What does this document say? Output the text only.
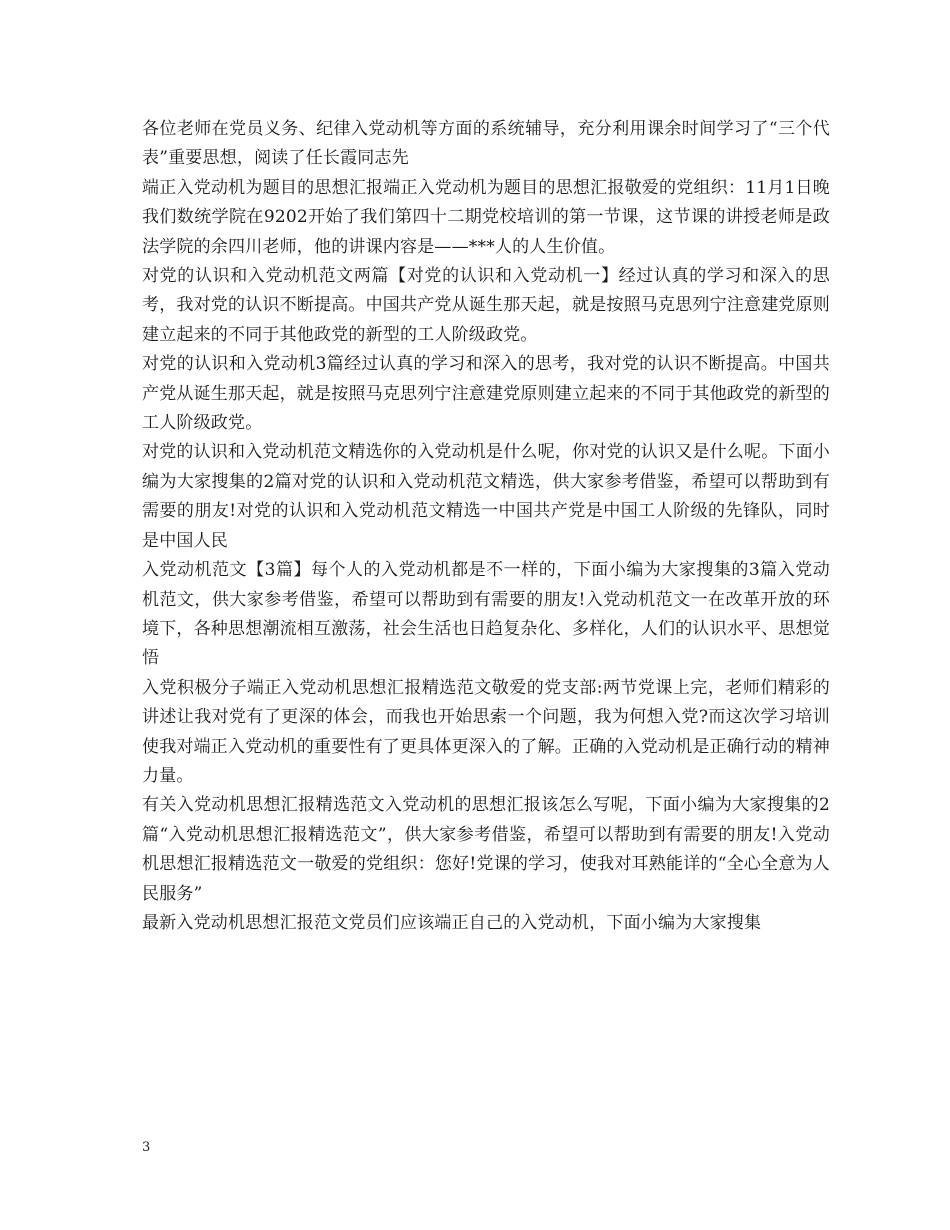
各位老师在党员义务、纪律入党动机等方面的系统辅导，充分利用课余时间学习了“三个代表”重要思想，阅读了任长霞同志先

端正入党动机为题目的思想汇报端正入党动机为题目的思想汇报敬爱的党组织：11月1日晚我们数统学院在9202开始了我们第四十二期党校培训的第一节课，这节课的讲授老师是政法学院的余四川老师，他的讲课内容是——***人的人生价值。

对党的认识和入党动机范文两篇【对党的认识和入党动机一】经过认真的学习和深入的思考，我对党的认识不断提高。中国共产党从诞生那天起，就是按照马克思列宁注意建党原则建立起来的不同于其他政党的新型的工人阶级政党。

对党的认识和入党动机3篇经过认真的学习和深入的思考，我对党的认识不断提高。中国共产党从诞生那天起，就是按照马克思列宁注意建党原则建立起来的不同于其他政党的新型的工人阶级政党。

对党的认识和入党动机范文精选你的入党动机是什么呢，你对党的认识又是什么呢。下面小编为大家搜集的2篇对党的认识和入党动机范文精选，供大家参考借鉴，希望可以帮助到有需要的朋友!对党的认识和入党动机范文精选一中国共产党是中国工人阶级的先锋队，同时是中国人民

入党动机范文【3篇】每个人的入党动机都是不一样的，下面小编为大家搜集的3篇入党动机范文，供大家参考借鉴，希望可以帮助到有需要的朋友!入党动机范文一在改革开放的环境下，各种思想潮流相互激荡，社会生活也日趋复杂化、多样化，人们的认识水平、思想觉悟

入党积极分子端正入党动机思想汇报精选范文敬爱的党支部:两节党课上完，老师们精彩的讲述让我对党有了更深的体会，而我也开始思索一个问题，我为何想入党?而这次学习培训使我对端正入党动机的重要性有了更具体更深入的了解。正确的入党动机是正确行动的精神力量。

有关入党动机思想汇报精选范文入党动机的思想汇报该怎么写呢，下面小编为大家搜集的2篇“入党动机思想汇报精选范文”，供大家参考借鉴，希望可以帮助到有需要的朋友!入党动机思想汇报精选范文一敬爱的党组织：您好!党课的学习，使我对耳熟能详的“全心全意为人民服务”

最新入党动机思想汇报范文党员们应该端正自己的入党动机，下面小编为大家搜集

3
